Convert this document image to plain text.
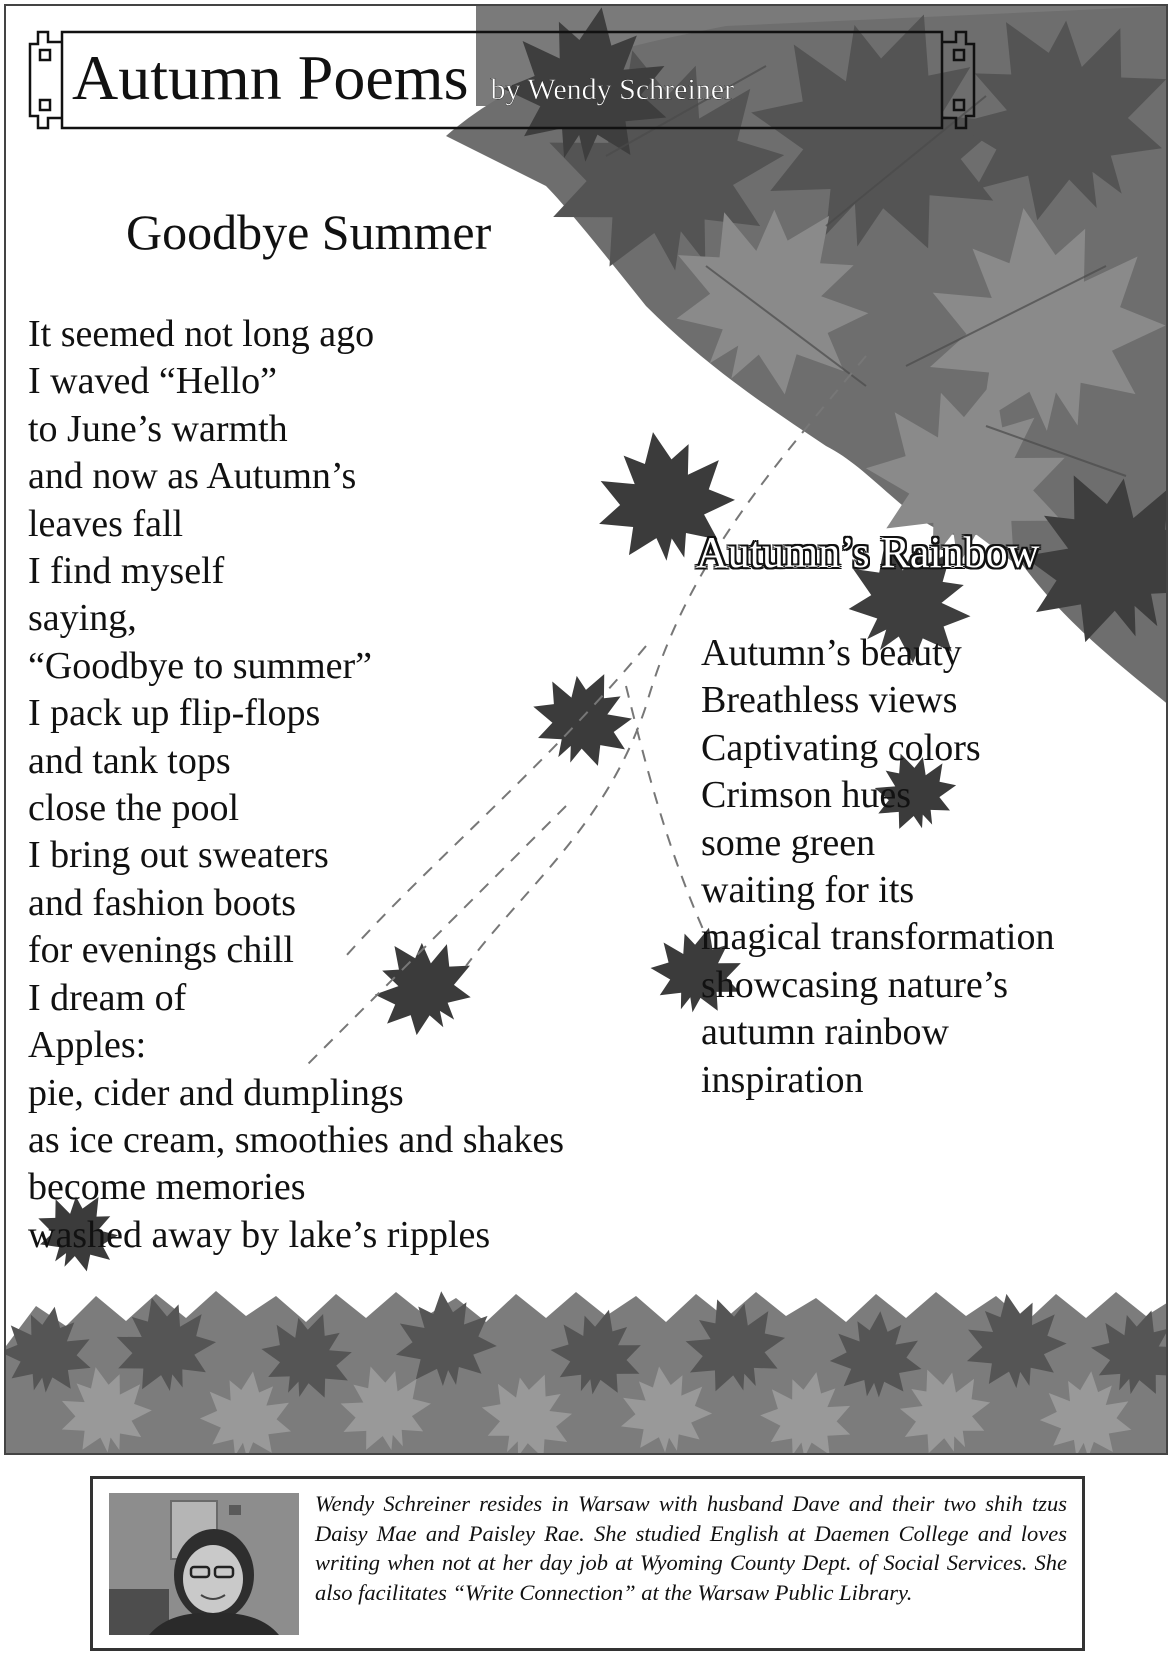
Autumn Poems by Wendy Schreiner
Goodbye Summer
It seemed not long ago
I waved “Hello”
to June’s warmth
and now as Autumn’s
leaves fall
I find myself
saying,
“Goodbye to summer”
I pack up flip-flops
and tank tops
close the pool
I bring out sweaters
and fashion boots
for evenings chill
I dream of
Apples:
pie, cider and dumplings
as ice cream, smoothies and shakes
become memories
washed away by lake’s ripples
Autumn’s Rainbow
Autumn’s beauty
Breathless views
Captivating colors
Crimson hues
some green
waiting for its
magical transformation
showcasing nature’s
autumn rainbow
inspiration

Wendy Schreiner resides in Warsaw with husband Dave and their two shih tzus Daisy Mae and Paisley Rae. She studied English at Daemen College and loves writing when not at her day job at Wyoming County Dept. of Social Services. She also facilitates “Write Connection” at the Warsaw Public Library.
